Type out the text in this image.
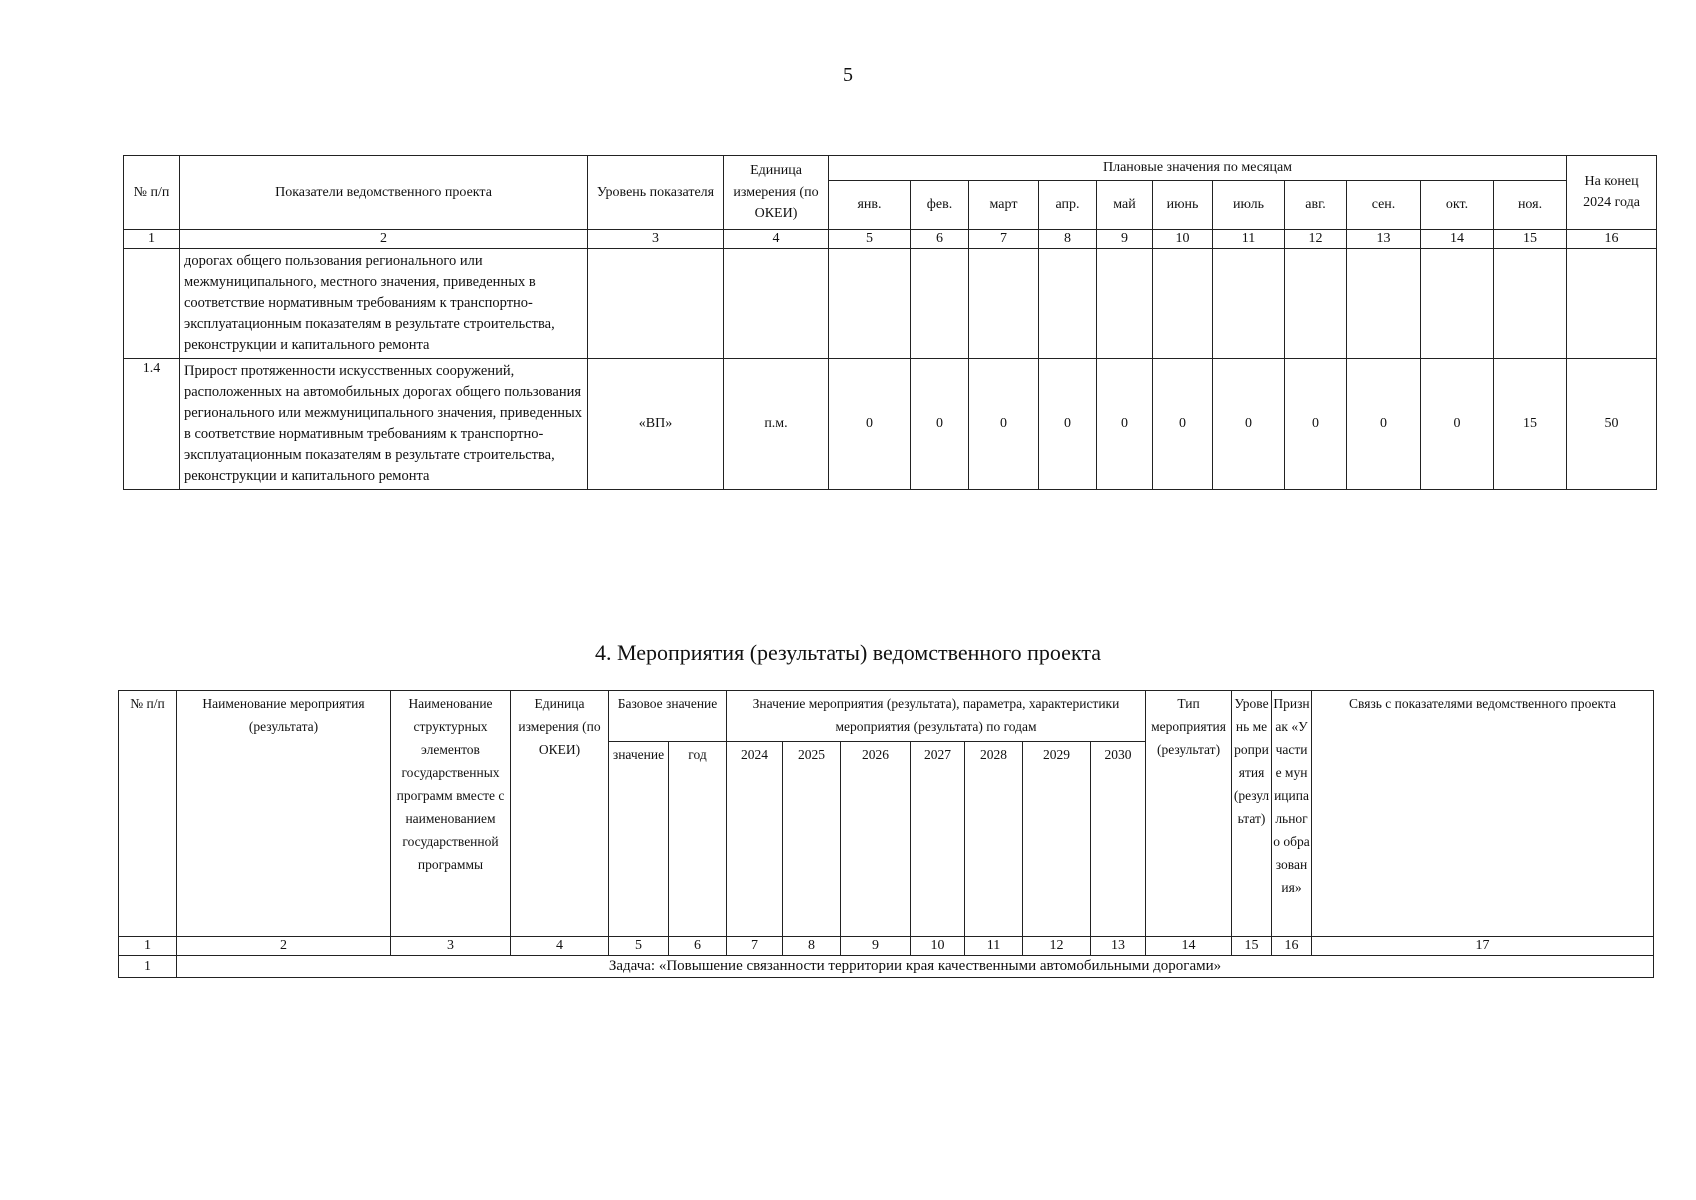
5
№ п/п	Показатели ведомственного проекта	Уровень показателя	Единица измерения (по ОКЕИ)	Плановые значения по месяцам											На конец 2024 года
				янв.	фев.	март	апр.	май	июнь	июль	авг.	сен.	окт.	ноя.	
1	2	3	4	5	6	7	8	9	10	11	12	13	14	15	16
	дорогах общего пользования регионального или межмуниципального, местного значения, приведенных в соответствие нормативным требованиям к транспортно-эксплуатационным показателям в результате строительства, реконструкции и капитального ремонта														
1.4	Прирост протяженности искусственных сооружений, расположенных на автомобильных дорогах общего пользования регионального или межмуниципального значения, приведенных в соответствие нормативным требованиям к транспортно-эксплуатационным показателям в результате строительства, реконструкции и капитального ремонта	«ВП»	п.м.	0	0	0	0	0	0	0	0	0	0	15	50
4. Мероприятия (результаты) ведомственного проекта
№ п/п	Наименование мероприятия (результата)	Наименование структурных элементов государственных программ вместе с наименованием государственной программы	Единица измерения (по ОКЕИ)	Базовое значение		Значение мероприятия (результата), параметра, характеристики мероприятия (результата) по годам							Тип мероприятия (результат)	Уровень мероприятия (результат)	Признак «Участие муниципального образования»	Связь с показателями ведомственного проекта

				значение	год	2024	2025	2026	2027	2028	2029	2030				
1	2	3	4	5	6	7	8	9	10	11	12	13	14	15	16	17
1	Задача: «Повышение связанности территории края качественными автомобильными дорогами»															
